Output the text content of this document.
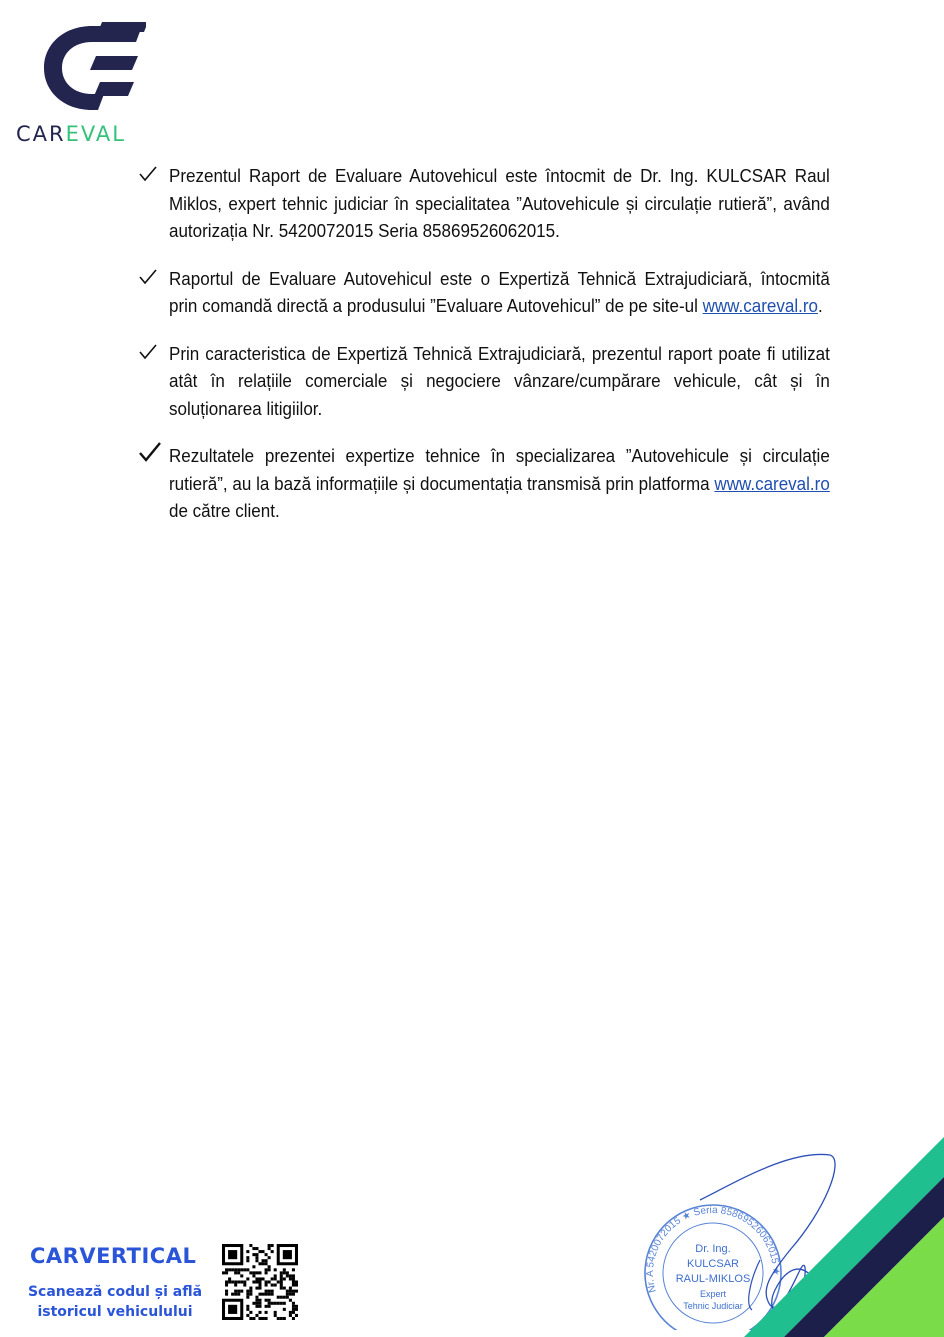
CAREVAL

Prezentul Raport de Evaluare Autovehicul este întocmit de Dr. Ing. KULCSAR Raul Miklos, expert tehnic judiciar în specialitatea ”Autovehicule și circulație rutieră”, având autorizația Nr. 5420072015 Seria 85869526062015.

Raportul de Evaluare Autovehicul este o Expertiză Tehnică Extrajudiciară, întocmită prin comandă directă a produsului ”Evaluare Autovehicul” de pe site-ul www.careval.ro.

Prin caracteristica de Expertiză Tehnică Extrajudiciară, prezentul raport poate fi utilizat atât în relațiile comerciale și negociere vânzare/cumpărare vehicule, cât și în soluționarea litigiilor.

Rezultatele prezentei expertize tehnice în specializarea ”Autovehicule și circulație rutieră”, au la bază informațiile și documentația transmisă prin platforma www.careval.ro de către client.

Nr. A 5420072015 ★ Seria 85869526062015 ★
Dr. Ing.
KULCSAR
RAUL-MIKLOS
Expert
Tehnic Judiciar
CARVERTICAL
Scanează codul și află
istoricul vehiculului
